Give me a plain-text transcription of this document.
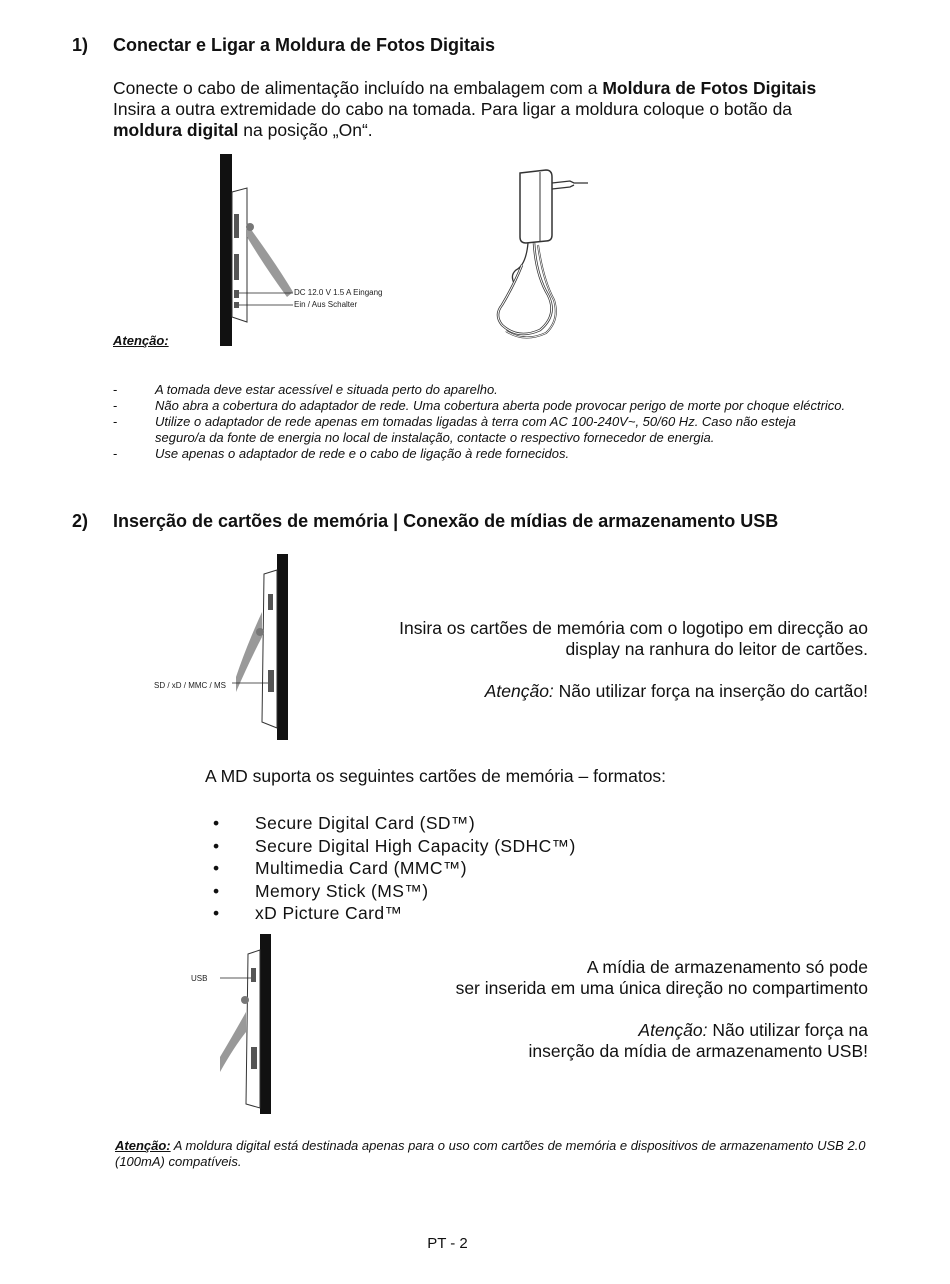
1) Conectar e Ligar a Moldura de Fotos Digitais
Conecte o cabo de alimentação incluído na embalagem com a Moldura de Fotos Digitais
Insira a outra extremidade do cabo na tomada. Para ligar a moldura coloque o botão da
moldura digital na posição „On“.
DC 12.0 V 1.5 A Eingang
Ein / Aus Schalter
Atenção:
-	A tomada deve estar acessível e situada perto do aparelho.
-	Não abra a cobertura do adaptador de rede. Uma cobertura aberta pode provocar perigo de morte por choque eléctrico.
-	Utilize o adaptador de rede apenas em tomadas ligadas à terra com AC 100-240V~, 50/60 Hz. Caso não esteja seguro/a da fonte de energia no local de instalação, contacte o respectivo fornecedor de energia.
-	Use apenas o adaptador de rede e o cabo de ligação à rede fornecidos.
2) Inserção de cartões de memória | Conexão de mídias de armazenamento USB
SD / xD / MMC / MS
Insira os cartões de memória com o logotipo em direcção ao
display na ranhura do leitor de cartões.
Atenção: Não utilizar força na inserção do cartão!
A MD suporta os seguintes cartões de memória – formatos:
• Secure Digital Card (SD™)
• Secure Digital High Capacity (SDHC™)
• Multimedia Card (MMC™)
• Memory Stick (MS™)
• xD Picture Card™
USB
A mídia de armazenamento só pode
ser inserida em uma única direção no compartimento
Atenção: Não utilizar força na
inserção da mídia de armazenamento USB!
Atenção: A moldura digital está destinada apenas para o uso com cartões de memória e dispositivos de armazenamento USB 2.0 (100mA) compatíveis.
PT - 2
